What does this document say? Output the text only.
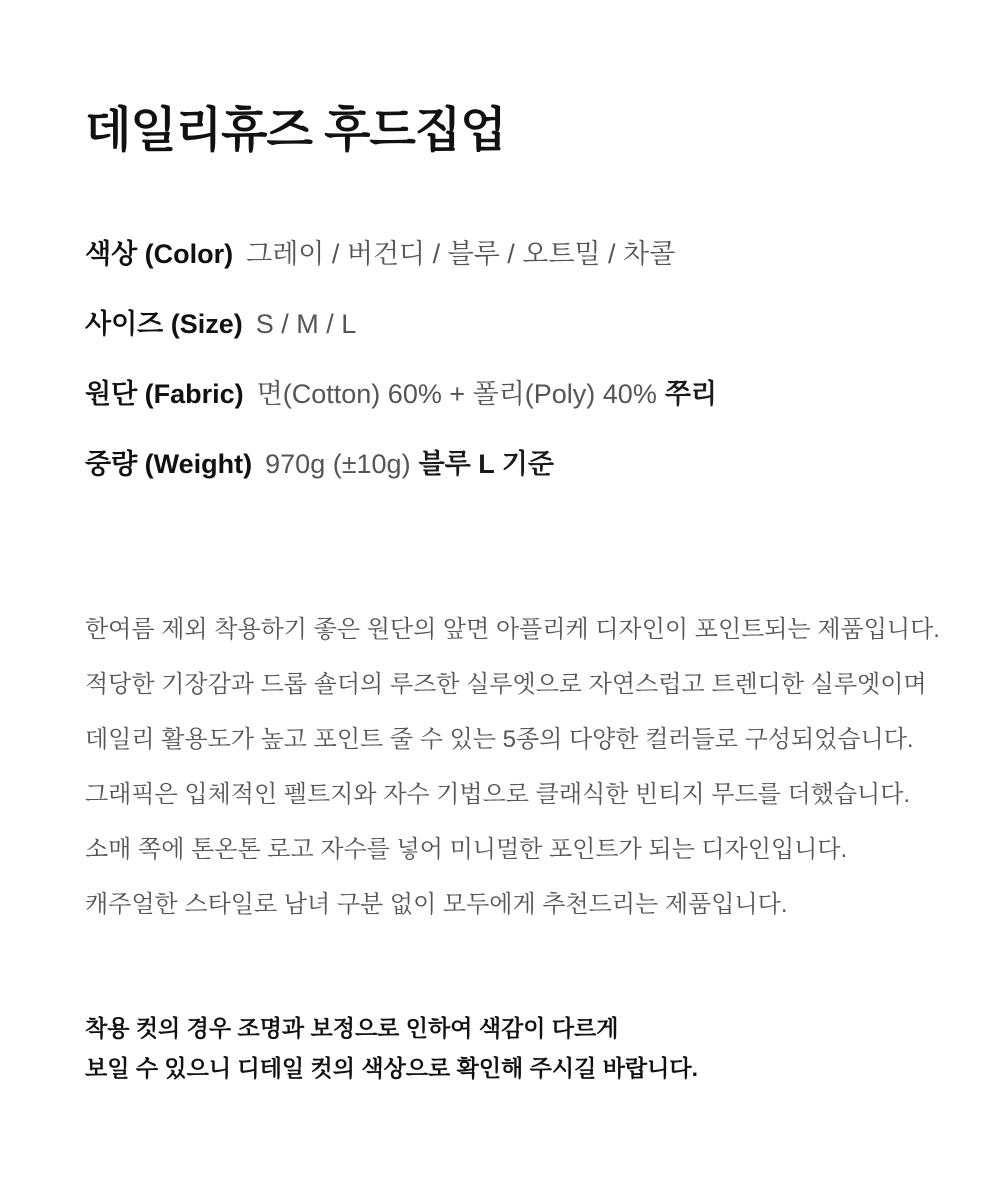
데일리휴즈 후드집업
색상 (Color) 그레이 / 버건디 / 블루 / 오트밀 / 차콜
사이즈 (Size) S / M / L
원단 (Fabric) 면(Cotton) 60% + 폴리(Poly) 40% 쭈리
중량 (Weight) 970g (±10g) 블루 L 기준
한여름 제외 착용하기 좋은 원단의 앞면 아플리케 디자인이 포인트되는 제품입니다.
적당한 기장감과 드롭 숄더의 루즈한 실루엣으로 자연스럽고 트렌디한 실루엣이며
데일리 활용도가 높고 포인트 줄 수 있는 5종의 다양한 컬러들로 구성되었습니다.
그래픽은 입체적인 펠트지와 자수 기법으로 클래식한 빈티지 무드를 더했습니다.
소매 쪽에 톤온톤 로고 자수를 넣어 미니멀한 포인트가 되는 디자인입니다.
캐주얼한 스타일로 남녀 구분 없이 모두에게 추천드리는 제품입니다.
착용 컷의 경우 조명과 보정으로 인하여 색감이 다르게
보일 수 있으니 디테일 컷의 색상으로 확인해 주시길 바랍니다.
